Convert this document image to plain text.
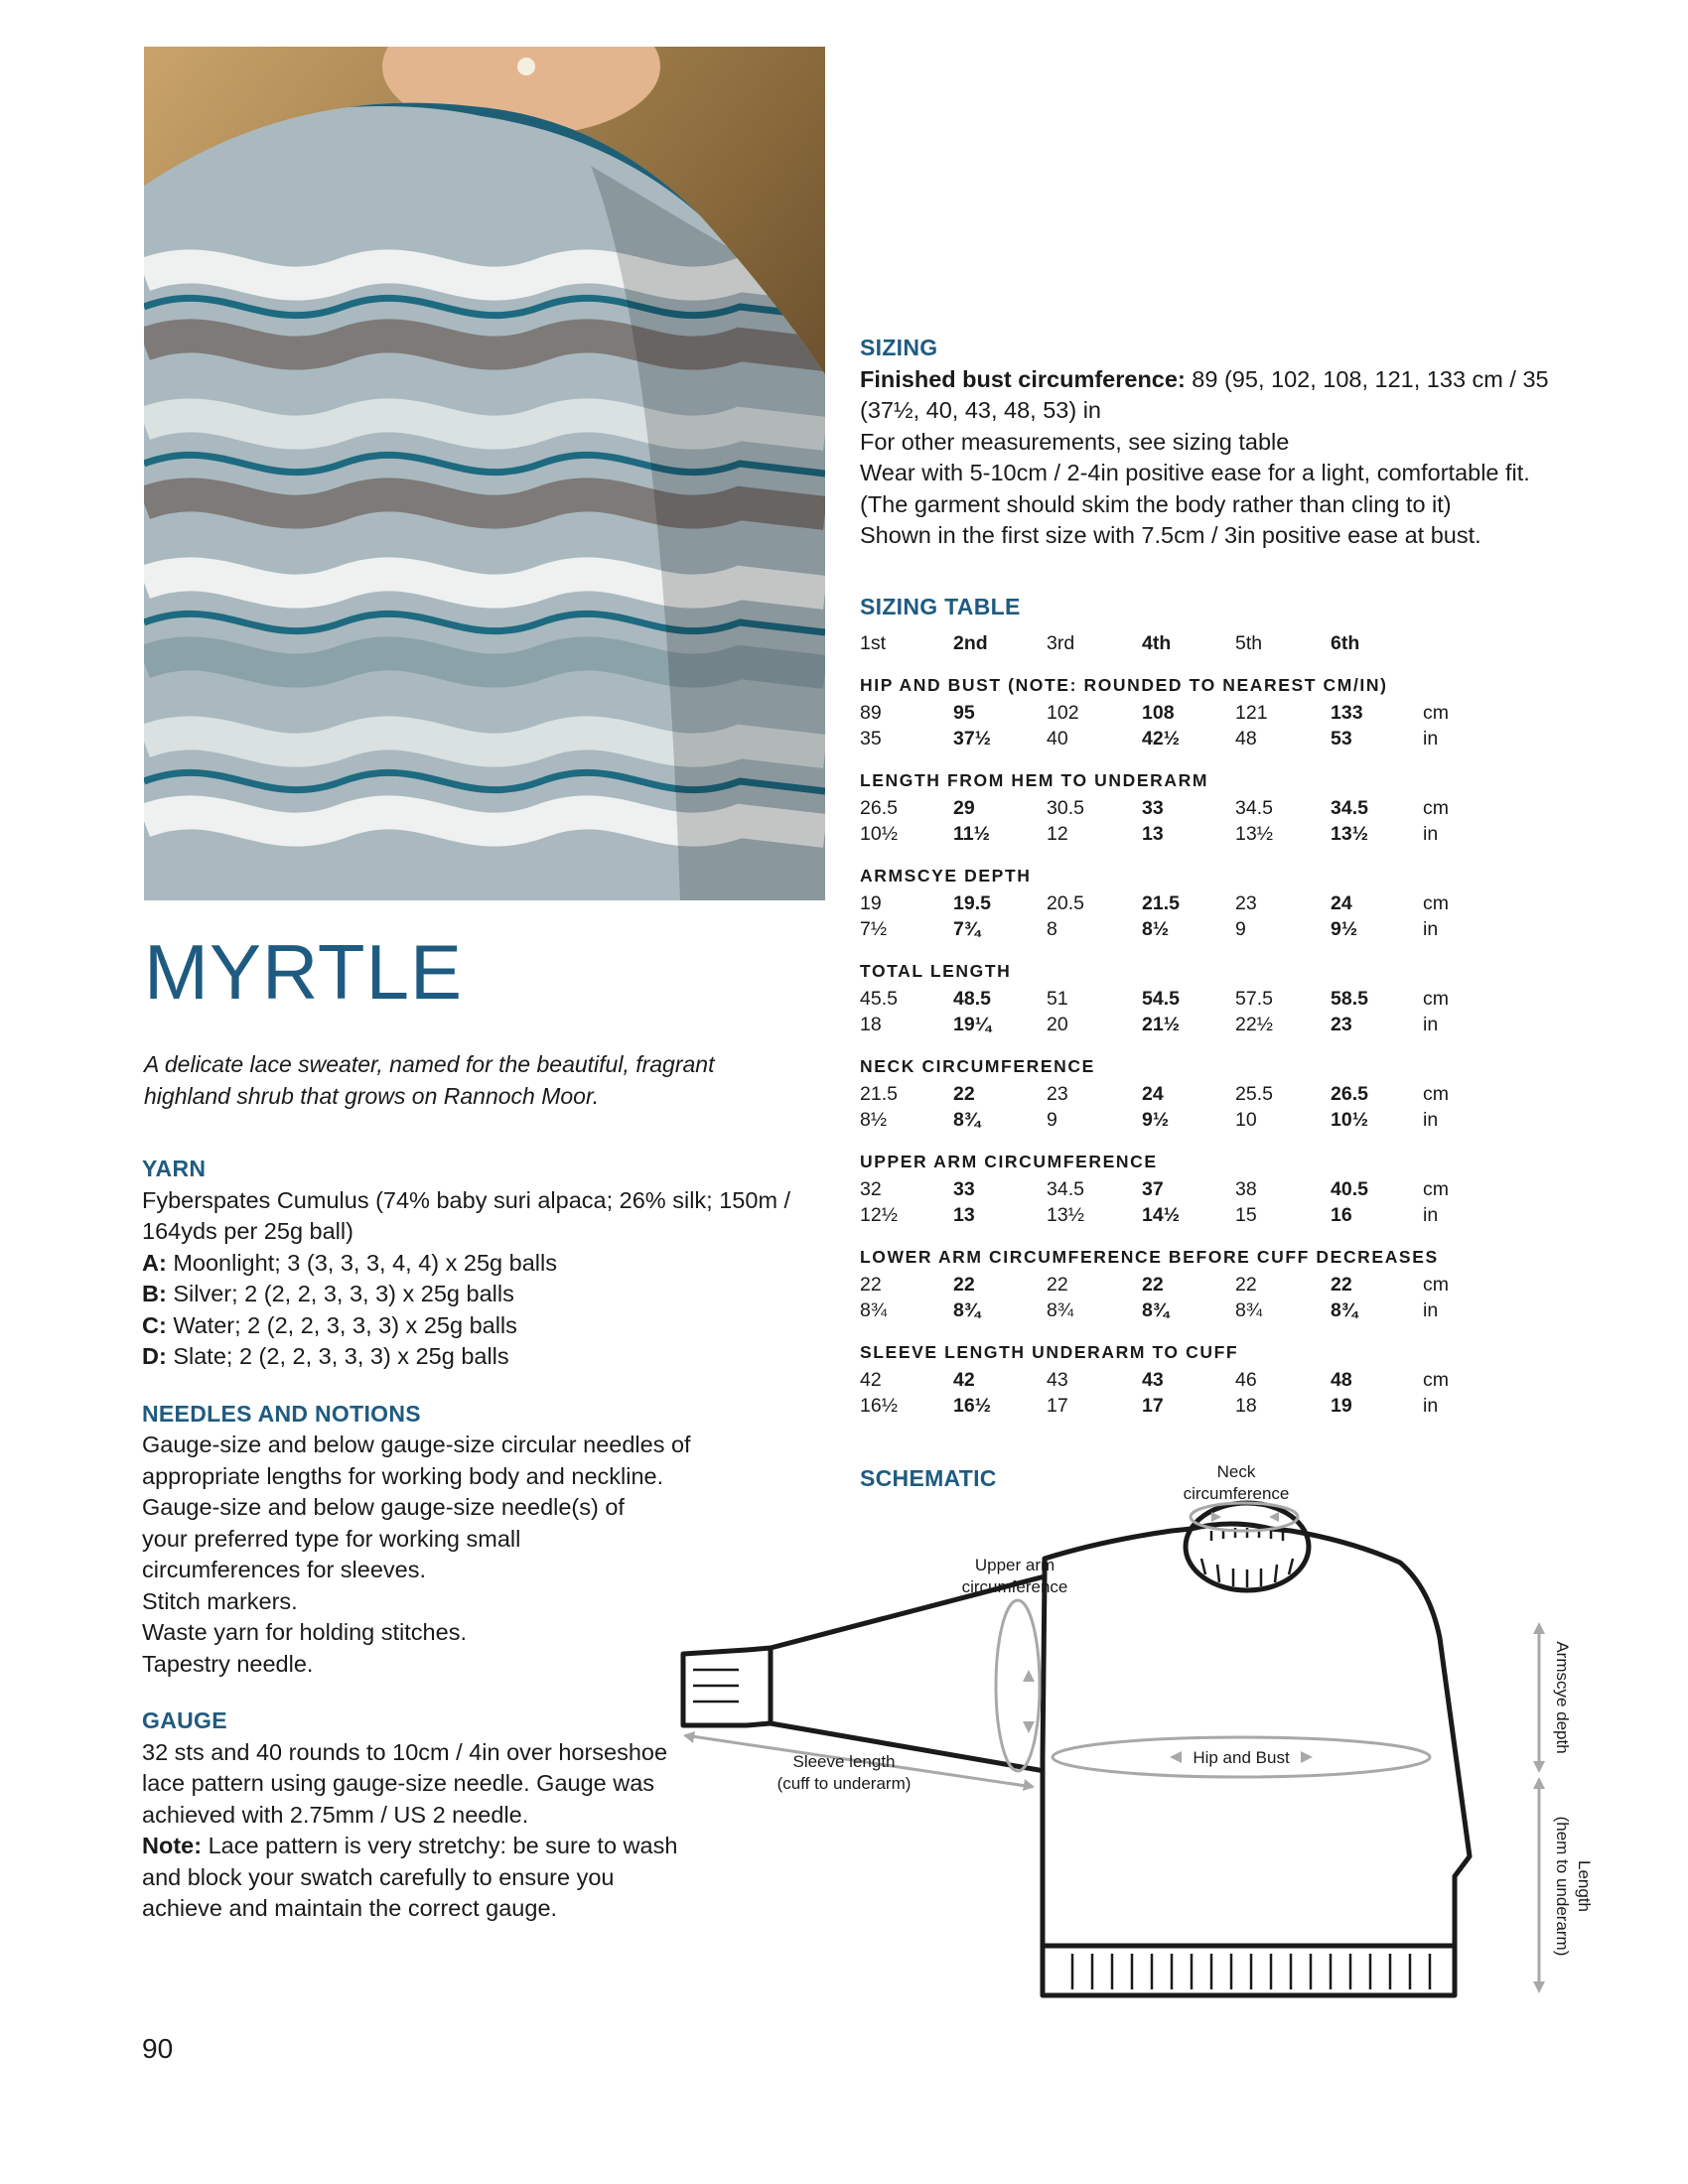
MYRTLE
A delicate lace sweater, named for the beautiful, fragrant highland shrub that grows on Rannoch Moor.
YARN

Fyberspates Cumulus (74% baby suri alpaca; 26% silk; 150m / 164yds per 25g ball)

A: Moonlight; 3 (3, 3, 3, 4, 4) x 25g balls

B: Silver; 2 (2, 2, 3, 3, 3) x 25g balls

C: Water; 2 (2, 2, 3, 3, 3) x 25g balls

D: Slate; 2 (2, 2, 3, 3, 3) x 25g balls

NEEDLES AND NOTIONS

Gauge-size and below gauge-size circular needles of appropriate lengths for working body and neckline.

Gauge-size and below gauge-size needle(s) of your preferred type for working small circumferences for sleeves.

Stitch markers.

Waste yarn for holding stitches.

Tapestry needle.

GAUGE

32 sts and 40 rounds to 10cm / 4in over horseshoe lace pattern using gauge-size needle. Gauge was achieved with 2.75mm / US 2 needle.

Note: Lace pattern is very stretchy: be sure to wash and block your swatch carefully to ensure you achieve and maintain the correct gauge.

SIZING

Finished bust circumference: 89 (95, 102, 108, 121, 133 cm / 35 (37½, 40, 43, 48, 53) in

For other measurements, see sizing table

Wear with 5-10cm / 2-4in positive ease for a light, comfortable fit. (The garment should skim the body rather than cling to it)

Shown in the first size with 7.5cm / 3in positive ease at bust.

SIZING TABLE
1st	2nd	3rd	4th	5th	6th	
HIP AND BUST (NOTE: ROUNDED TO NEAREST CM/IN)						
89	95	102	108	121	133	cm
35	37½	40	42½	48	53	in
LENGTH FROM HEM TO UNDERARM						
26.5	29	30.5	33	34.5	34.5	cm
10½	11½	12	13	13½	13½	in
ARMSCYE DEPTH						
19	19.5	20.5	21.5	23	24	cm
7½	7¾	8	8½	9	9½	in
TOTAL LENGTH						
45.5	48.5	51	54.5	57.5	58.5	cm
18	19¼	20	21½	22½	23	in
NECK CIRCUMFERENCE						
21.5	22	23	24	25.5	26.5	cm
8½	8¾	9	9½	10	10½	in
UPPER ARM CIRCUMFERENCE						
32	33	34.5	37	38	40.5	cm
12½	13	13½	14½	15	16	in
LOWER ARM CIRCUMFERENCE BEFORE CUFF DECREASES						
22	22	22	22	22	22	cm
8¾	8¾	8¾	8¾	8¾	8¾	in
SLEEVE LENGTH UNDERARM TO CUFF						
42	42	43	43	46	48	cm
16½	16½	17	17	18	19	in
SCHEMATIC	Neck
circumference
Upper arm
circumference
Sleeve length
(cuff to underarm)
Hip and Bust
Armscye depth
Length
(hem to underarm)
90
